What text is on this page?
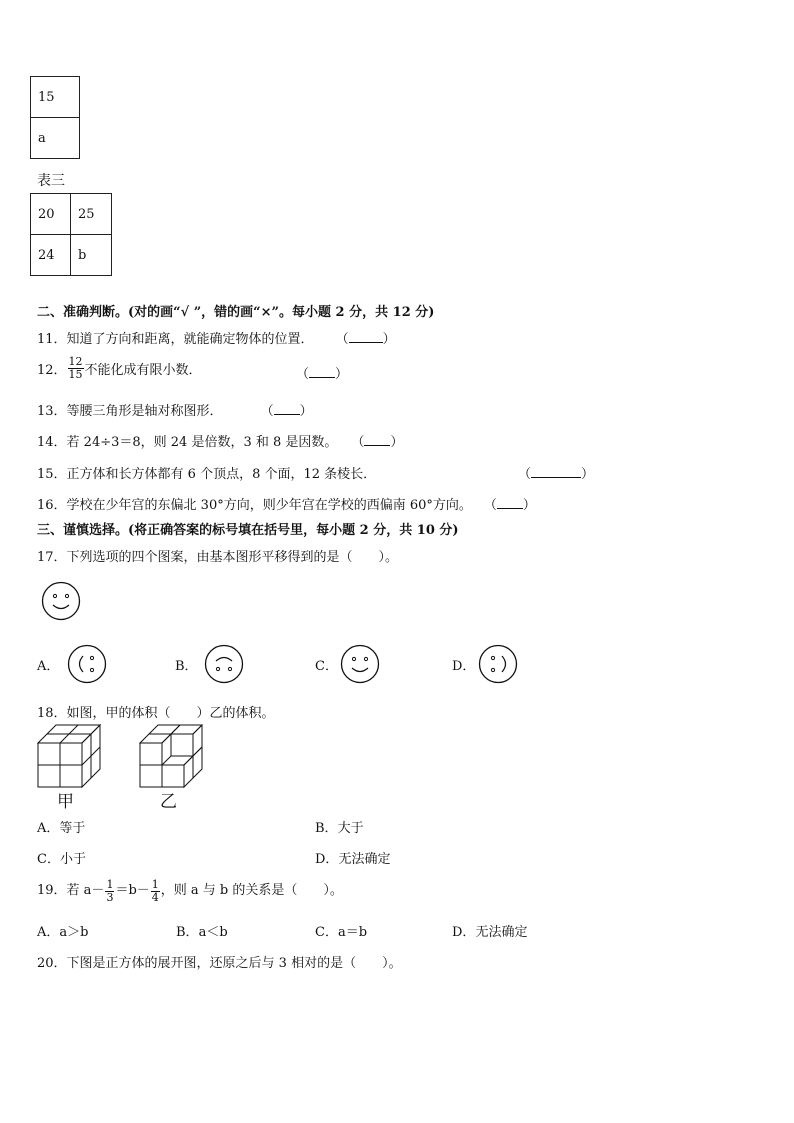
15
a
表三
20	25
24	b
二、准确判断。(对的画“√ ”，错的画“×”。每小题 2 分，共 12 分)
11．知道了方向和距离，就能确定物体的位置． （	）
12． $\frac{12}{15}$ 不能化成有限小数．	（ ）
13．等腰三角形是轴对称图形．	（ ）
14．若 24÷3＝8，则 24 是倍数，3 和 8 是因数。 （ ）
15．正方体和长方体都有 6 个顶点，8 个面，12 条棱长．	（	）
16．学校在少年宫的东偏北 30°方向，则少年宫在学校的西偏南 60°方向。 （ ）
三、谨慎选择。(将正确答案的标号填在括号里，每小题 2 分，共 10 分)
17．下列选项的四个图案，由基本图形平移得到的是（　　）。
A．	B．	C．	D．
18．如图，甲的体积（　　）乙的体积。
甲	乙
A．等于	B．大于
C．小于	D．无法确定
19．若 $a- \frac{1}{3} =b- \frac{1}{4}$ ，则 a 与 b 的关系是（　　）。
A．a＞b	B．a＜b	C．a＝b	D．无法确定
20．下图是正方体的展开图，还原之后与 3 相对的是（　　）。
